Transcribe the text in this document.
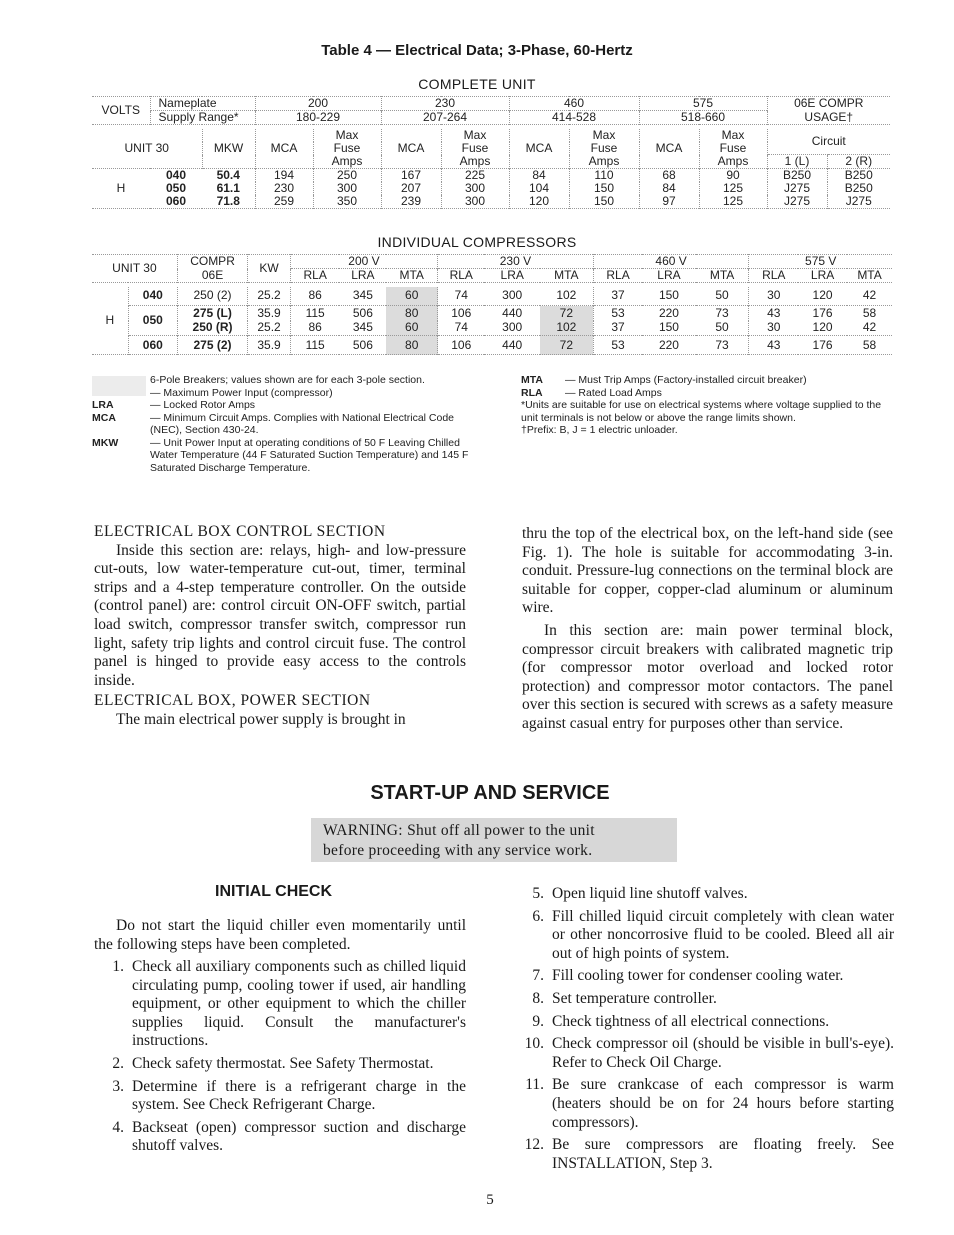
Table 4 — Electrical Data; 3-Phase, 60-Hertz
COMPLETE UNIT
VOLTS	Nameplate		200		230		460		575		06E COMPR	
	Supply Range*		180-229		207-264		414-528		518-660		USAGE†	

UNIT 30		MKW	MCA	Max	MCA	Max	MCA	Max	MCA	Max	Circuit	
				Fuse		Fuse		Fuse		Fuse		
				Amps		Amps		Amps		Amps	1 (L)	2 (R)
H	040	50.4	194	250	167	225	84	110	68	90	B250	B250
	050	61.1	230	300	207	300	104	150	84	125	J275	B250
	060	71.8	259	350	239	300	120	150	97	125	J275	J275
INDIVIDUAL COMPRESSORS
UNIT 30		COMPR	KW	200 V			230 V			460 V			575 V		
		06E		RLA	LRA	MTA	RLA	LRA	MTA	RLA	LRA	MTA	RLA	LRA	MTA

H	040	250 (2)	25.2	86	345	60	74	300	102	37	150	50	30	120	42
	050	275 (L)	35.9	115	506	80	106	440	72	53	220	73	43	176	58
		250 (R)	25.2	86	345	60	74	300	102	37	150	50	30	120	42
	060	275 (2)	35.9	115	506	80	106	440	72	53	220	73	43	176	58
6-Pole Breakers; values shown are for each 3-pole section.
— Maximum Power Input (compressor)
LRA	— Locked Rotor Amps
MCA	— Minimum Circuit Amps. Complies with National Electrical Code (NEC), Section 430-24.
MKW	— Unit Power Input at operating conditions of 50 F Leaving Chilled Water Temperature (44 F Saturated Suction Temperature) and 145 F Saturated Discharge Temperature.
MTA	— Must Trip Amps (Factory-installed circuit breaker)
RLA	— Rated Load Amps
*Units are suitable for use on electrical systems where voltage supplied to the unit terminals is not below or above the range limits shown.
†Prefix: B, J = 1 electric unloader.
ELECTRICAL BOX CONTROL SECTION

Inside this section are: relays, high- and low-pressure cut-outs, low water-temperature cut-out, timer, terminal strips and a 4-step temperature controller. On the outside (control panel) are: control circuit ON-OFF switch, partial load switch, compressor transfer switch, compressor run light, safety trip lights and control circuit fuse. The control panel is hinged to provide easy access to the controls inside.

ELECTRICAL BOX, POWER SECTION

The main electrical power supply is brought in

thru the top of the electrical box, on the left-hand side (see Fig. 1). The hole is suitable for accommodating 3-in. conduit. Pressure-lug connections on the terminal block are suitable for copper, copper-clad aluminum or aluminum wire.

In this section are: main power terminal block, compressor circuit breakers with calibrated magnetic trip (for compressor motor overload and locked rotor protection) and compressor motor contactors. The panel over this section is secured with screws as a safety measure against casual entry for purposes other than service.

START-UP AND SERVICE
WARNING: Shut off all power to the unit
before proceeding with any service work.
INITIAL CHECK

Do not start the liquid chiller even momentarily until the following steps have been completed.

1. Check all auxiliary components such as chilled liquid circulating pump, cooling tower if used, air handling equipment, or other equipment to which the chiller supplies liquid. Consult the manufacturer's instructions.
2. Check safety thermostat. See Safety Thermostat.
3. Determine if there is a refrigerant charge in the system. See Check Refrigerant Charge.
4. Backseat (open) compressor suction and discharge shutoff valves.
5. Open liquid line shutoff valves.
6. Fill chilled liquid circuit completely with clean water or other noncorrosive fluid to be cooled. Bleed all air out of high points of system.
7. Fill cooling tower for condenser cooling water.
8. Set temperature controller.
9. Check tightness of all electrical connections.
10. Check compressor oil (should be visible in bull's-eye). Refer to Check Oil Charge.
11. Be sure crankcase of each compressor is warm (heaters should be on for 24 hours before starting compressors).
12. Be sure compressors are floating freely. See INSTALLATION, Step 3.
5
